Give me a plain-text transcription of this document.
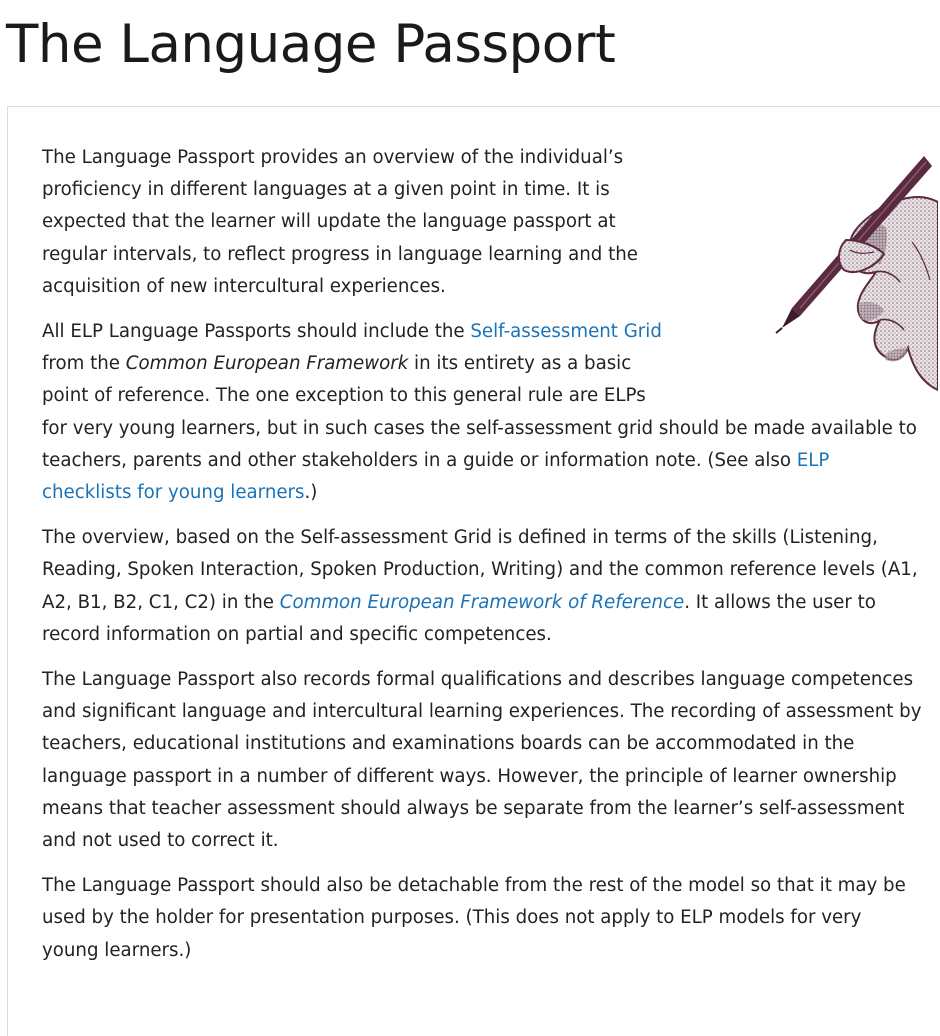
The Language Passport

The Language Passport provides an overview of the individual’s proficiency in different languages at a given point in time. It is expected that the learner will update the language passport at regular intervals, to reflect progress in language learning and the acquisition of new intercultural experiences.

All ELP Language Passports should include the Self-assessment Grid from the Common European Framework in its entirety as a basic point of reference. The one exception to this general rule are ELPs for very young learners, but in such cases the self-assessment grid should be made available to teachers, parents and other stakeholders in a guide or information note. (See also ELP checklists for young learners.)

The overview, based on the Self-assessment Grid is defined in terms of the skills (Listening, Reading, Spoken Interaction, Spoken Production, Writing) and the common reference levels (A1, A2, B1, B2, C1, C2) in the Common European Framework of Reference. It allows the user to record information on partial and specific competences.

The Language Passport also records formal qualifications and describes language competences and significant language and intercultural learning experiences. The recording of assessment by teachers, educational institutions and examinations boards can be accommodated in the language passport in a number of different ways. However, the principle of learner ownership means that teacher assessment should always be separate from the learner’s self-assessment and not used to correct it.

The Language Passport should also be detachable from the rest of the model so that it may be used by the holder for presentation purposes. (This does not apply to ELP models for very young learners.)
